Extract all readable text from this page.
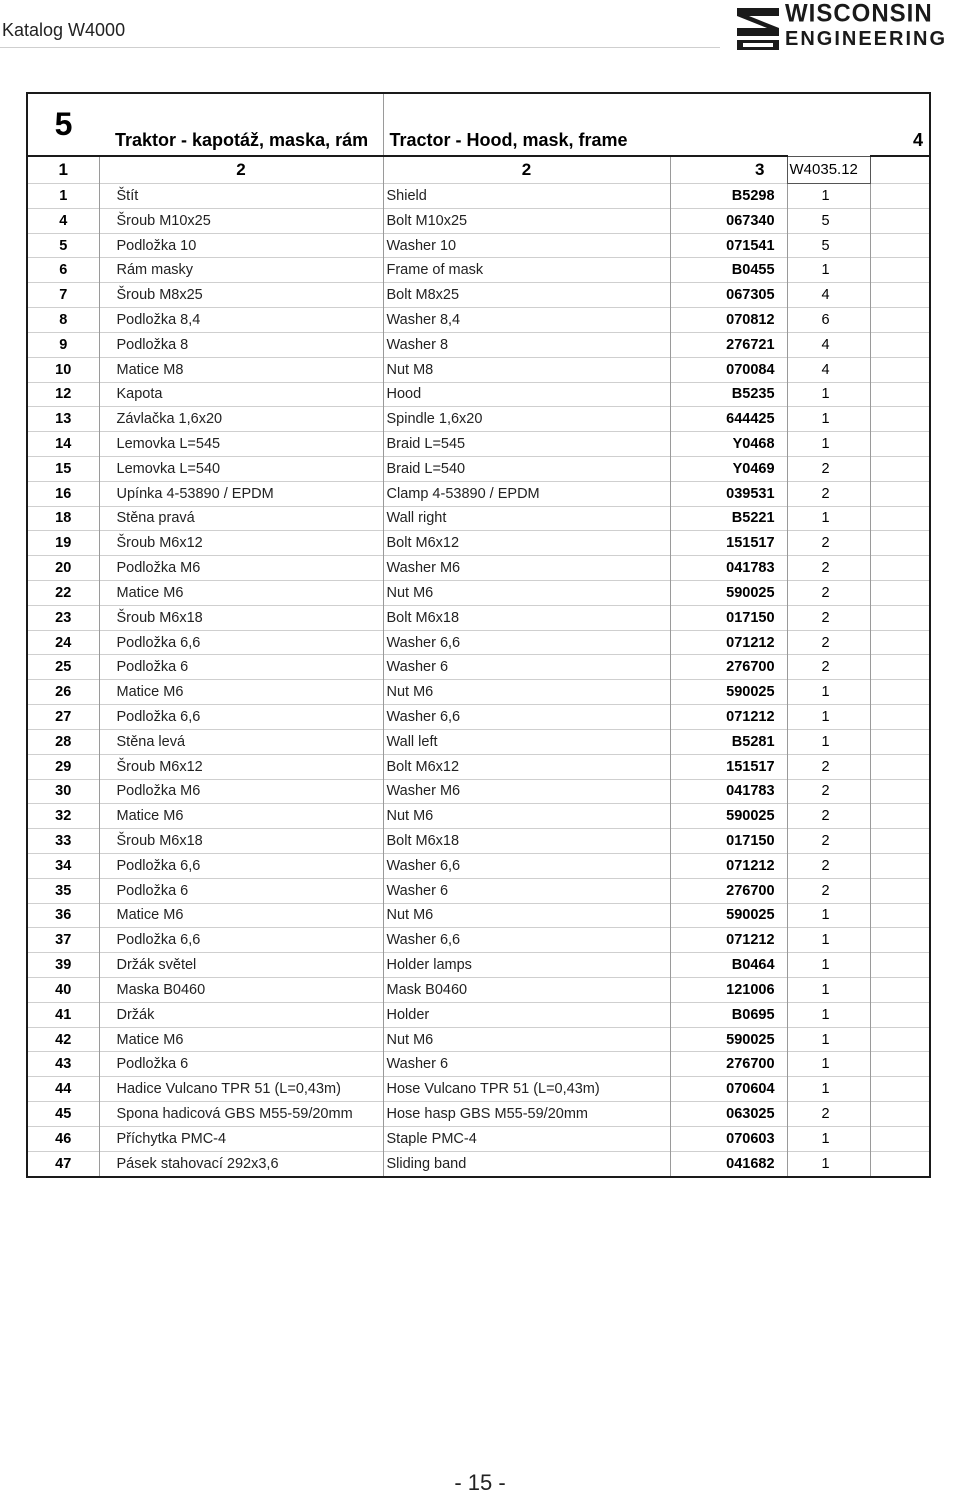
Katalog W4000
WISCONSIN
ENGINEERING
5	Traktor - kapotáž, maska, rám	Tractor - Hood, mask, frame		4	
1	2	2	3	W4035.12	
1	Štít	Shield	B5298	1	
4	Šroub M10x25	Bolt M10x25	067340	5	
5	Podložka 10	Washer 10	071541	5	
6	Rám masky	Frame of mask	B0455	1	
7	Šroub M8x25	Bolt M8x25	067305	4	
8	Podložka 8,4	Washer 8,4	070812	6	
9	Podložka 8	Washer 8	276721	4	
10	Matice M8	Nut M8	070084	4	
12	Kapota	Hood	B5235	1	
13	Závlačka 1,6x20	Spindle 1,6x20	644425	1	
14	Lemovka L=545	Braid L=545	Y0468	1	
15	Lemovka L=540	Braid L=540	Y0469	2	
16	Upínka 4-53890 / EPDM	Clamp 4-53890 / EPDM	039531	2	
18	Stěna pravá	Wall right	B5221	1	
19	Šroub M6x12	Bolt M6x12	151517	2	
20	Podložka M6	Washer M6	041783	2	
22	Matice M6	Nut M6	590025	2	
23	Šroub M6x18	Bolt M6x18	017150	2	
24	Podložka 6,6	Washer 6,6	071212	2	
25	Podložka 6	Washer 6	276700	2	
26	Matice M6	Nut M6	590025	1	
27	Podložka 6,6	Washer 6,6	071212	1	
28	Stěna levá	Wall left	B5281	1	
29	Šroub M6x12	Bolt M6x12	151517	2	
30	Podložka M6	Washer M6	041783	2	
32	Matice M6	Nut M6	590025	2	
33	Šroub M6x18	Bolt M6x18	017150	2	
34	Podložka 6,6	Washer 6,6	071212	2	
35	Podložka 6	Washer 6	276700	2	
36	Matice M6	Nut M6	590025	1	
37	Podložka 6,6	Washer 6,6	071212	1	
39	Držák světel	Holder lamps	B0464	1	
40	Maska B0460	Mask B0460	121006	1	
41	Držák	Holder	B0695	1	
42	Matice M6	Nut M6	590025	1	
43	Podložka 6	Washer 6	276700	1	
44	Hadice Vulcano TPR 51 (L=0,43m)	Hose Vulcano TPR 51 (L=0,43m)	070604	1	
45	Spona hadicová GBS M55-59/20mm	Hose hasp GBS M55-59/20mm	063025	2	
46	Příchytka PMC-4	Staple PMC-4	070603	1	
47	Pásek stahovací 292x3,6	Sliding band	041682	1	
- 15 -
